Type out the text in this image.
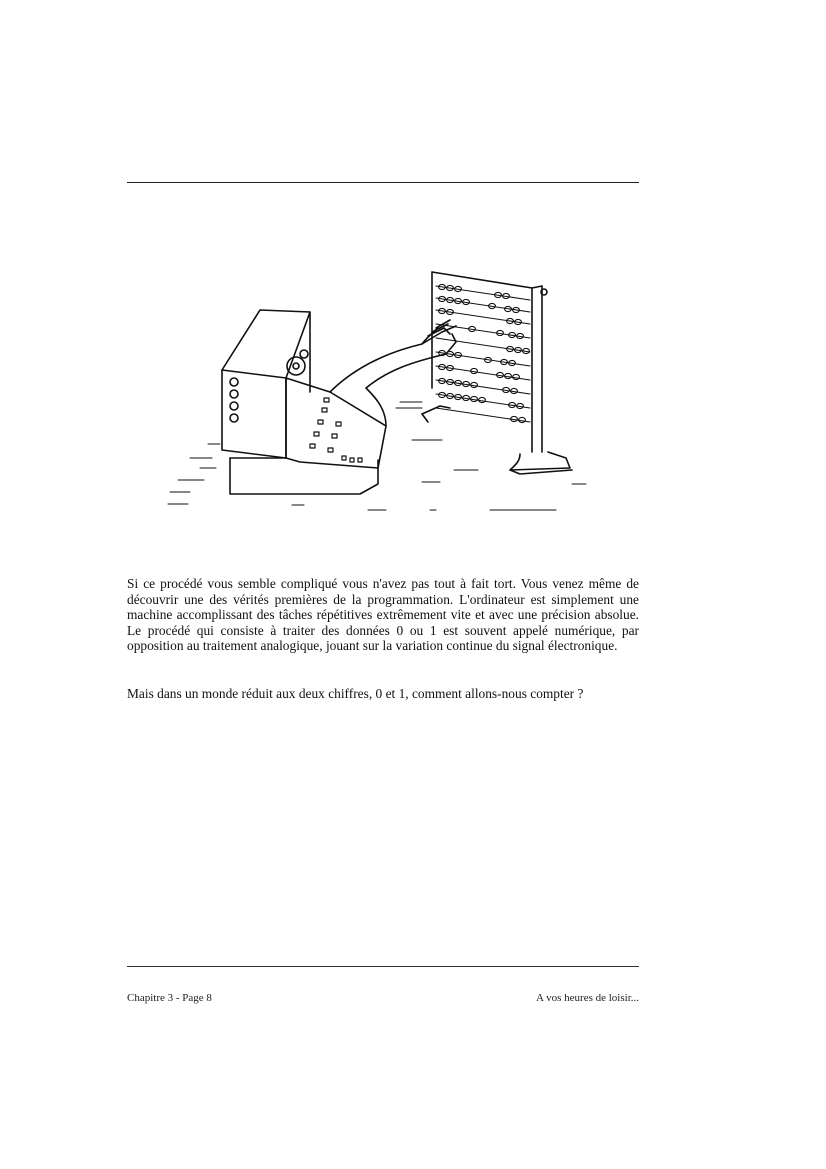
Si ce procédé vous semble compliqué vous n'avez pas tout à fait tort. Vous venez même de découvrir une des vérités premières de la programmation. L'ordinateur est simplement une machine accomplissant des tâches répétitives extrêmement vite et avec une précision absolue. Le procédé qui consiste à traiter des données 0 ou 1 est souvent appelé numérique, par opposition au traitement analogique, jouant sur la variation continue du signal électronique.

Mais dans un monde réduit aux deux chiffres, 0 et 1, comment allons-nous compter ?

Chapitre 3 - Page 8	A vos heures de loisir...
